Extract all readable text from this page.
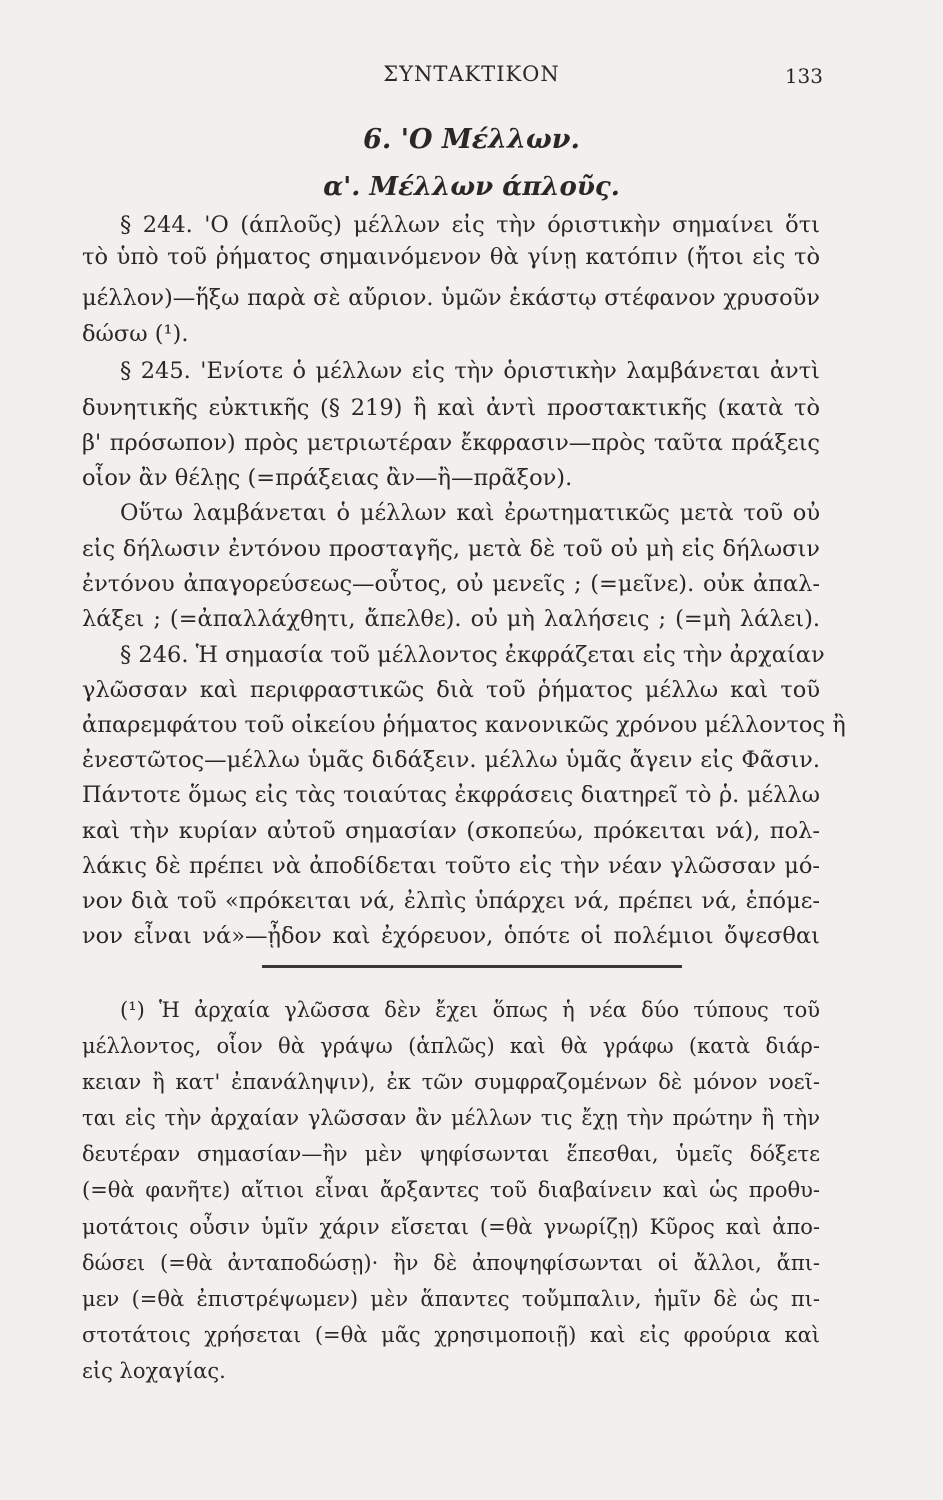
ΣΥΝΤΑΚΤΙΚΟΝ	133
6. 'Ο Μέλλων.
α'. Μέλλων άπλοῦς.
§ 244. 'Ο (άπλοῦς) μέλλων εἰς τὴν όριστικὴν σημαίνει ὅτι
τὸ ὑπὸ τοῦ ῥήματος σημαινόμενον θὰ γίνῃ κατόπιν (ἤτοι εἰς τὸ
μέλλον)—ἥξω παρὰ σὲ αὔριον. ὑμῶν ἑκάστῳ στέφανον χρυσοῦν
δώσω (¹).
§ 245. 'Ενίοτε ὁ μέλλων εἰς τὴν ὁριστικὴν λαμβάνεται ἀντὶ
δυνητικῆς εὐκτικῆς (§ 219) ἢ καὶ ἀντὶ προστακτικῆς (κατὰ τὸ
β' πρόσωπον) πρὸς μετριωτέραν ἔκφρασιν—πρὸς ταῦτα πράξεις
οἷον ἂν θέλῃς (=πράξειας ἂν—ἢ—πρᾶξον).
Οὕτω λαμβάνεται ὁ μέλλων καὶ ἐρωτηματικῶς μετὰ τοῦ οὐ
εἰς δήλωσιν ἐντόνου προσταγῆς, μετὰ δὲ τοῦ οὐ μὴ εἰς δήλωσιν
ἐντόνου ἀπαγορεύσεως—οὗτος, οὐ μενεῖς ; (=μεῖνε). οὐκ ἀπαλ-
λάξει ; (=ἀπαλλάχθητι, ἄπελθε). οὐ μὴ λαλήσεις ; (=μὴ λάλει).
§ 246. Ἡ σημασία τοῦ μέλλοντος ἐκφράζεται εἰς τὴν ἀρχαίαν
γλῶσσαν καὶ περιφραστικῶς διὰ τοῦ ῥήματος μέλλω καὶ τοῦ
ἀπαρεμφάτου τοῦ οἰκείου ῥήματος κανονικῶς χρόνου μέλλοντος ἢ
ἐνεστῶτος—μέλλω ὑμᾶς διδάξειν. μέλλω ὑμᾶς ἄγειν εἰς Φᾶσιν.
Πάντοτε ὅμως εἰς τὰς τοιαύτας ἐκφράσεις διατηρεῖ τὸ ῥ. μέλλω
καὶ τὴν κυρίαν αὐτοῦ σημασίαν (σκοπεύω, πρόκειται νά), πολ-
λάκις δὲ πρέπει νὰ ἀποδίδεται τοῦτο εἰς τὴν νέαν γλῶσσαν μό-
νον διὰ τοῦ «πρόκειται νά, ἐλπὶς ὑπάρχει νά, πρέπει νά, ἑπόμε-
νον εἶναι νά»—ᾖδον καὶ ἐχόρευον, ὁπότε οἱ πολέμιοι ὄψεσθαι
(¹) Ἡ ἀρχαία γλῶσσα δὲν ἔχει ὅπως ἡ νέα δύο τύπους τοῦ
μέλλοντος, οἷον θὰ γράψω (ἁπλῶς) καὶ θὰ γράφω (κατὰ διάρ-
κειαν ἢ κατ' ἐπανάληψιν), ἐκ τῶν συμφραζομένων δὲ μόνον νοεῖ-
ται εἰς τὴν ἀρχαίαν γλῶσσαν ἂν μέλλων τις ἔχῃ τὴν πρώτην ἢ τὴν
δευτέραν σημασίαν—ἢν μὲν ψηφίσωνται ἕπεσθαι, ὑμεῖς δόξετε
(=θὰ φανῆτε) αἴτιοι εἶναι ἄρξαντες τοῦ διαβαίνειν καὶ ὡς προθυ-
μοτάτοις οὖσιν ὑμῖν χάριν εἴσεται (=θὰ γνωρίζῃ) Κῦρος καὶ ἀπο-
δώσει (=θὰ ἀνταποδώσῃ)· ἢν δὲ ἀποψηφίσωνται οἱ ἄλλοι, ἄπι-
μεν (=θὰ ἐπιστρέψωμεν) μὲν ἅπαντες τοὔμπαλιν, ἡμῖν δὲ ὡς πι-
στοτάτοις χρήσεται (=θὰ μᾶς χρησιμοποιῇ) καὶ εἰς φρούρια καὶ
εἰς λοχαγίας.
